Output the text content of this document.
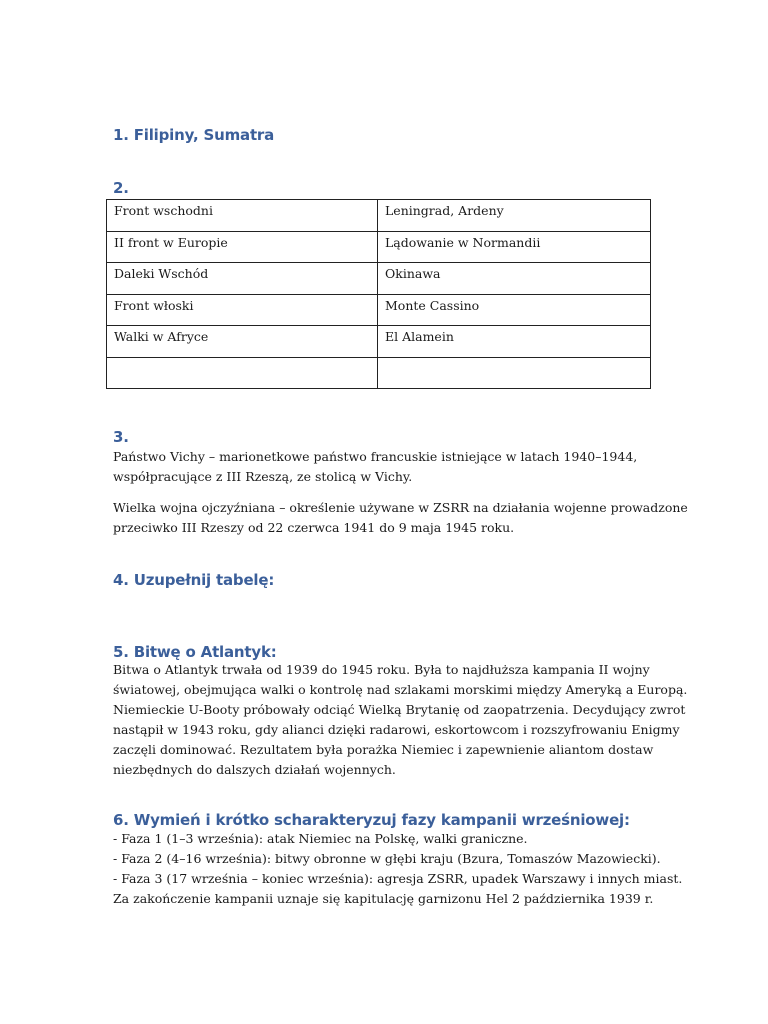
1. Filipiny, Sumatra
2.
Front wschodni	Leningrad, Ardeny

II front w Europie	Lądowanie w Normandii

Daleki Wschód	Okinawa

Front włoski	Monte Cassino

Walki w Afryce	El Alamein

3.
Państwo Vichy – marionetkowe państwo francuskie istniejące w latach 1940–1944,
współpracujące z III Rzeszą, ze stolicą w Vichy.
Wielka wojna ojczyźniana – określenie używane w ZSRR na działania wojenne prowadzone
przeciwko III Rzeszy od 22 czerwca 1941 do 9 maja 1945 roku.
4. Uzupełnij tabelę:
5. Bitwę o Atlantyk:
Bitwa o Atlantyk trwała od 1939 do 1945 roku. Była to najdłuższa kampania II wojny
światowej, obejmująca walki o kontrolę nad szlakami morskimi między Ameryką a Europą.
Niemieckie U-Booty próbowały odciąć Wielką Brytanię od zaopatrzenia. Decydujący zwrot
nastąpił w 1943 roku, gdy alianci dzięki radarowi, eskortowcom i rozszyfrowaniu Enigmy
zaczęli dominować. Rezultatem była porażka Niemiec i zapewnienie aliantom dostaw
niezbędnych do dalszych działań wojennych.
6. Wymień i krótko scharakteryzuj fazy kampanii wrześniowej:
- Faza 1 (1–3 września): atak Niemiec na Polskę, walki graniczne.
- Faza 2 (4–16 września): bitwy obronne w głębi kraju (Bzura, Tomaszów Mazowiecki).
- Faza 3 (17 września – koniec września): agresja ZSRR, upadek Warszawy i innych miast.
Za zakończenie kampanii uznaje się kapitulację garnizonu Hel 2 października 1939 r.
